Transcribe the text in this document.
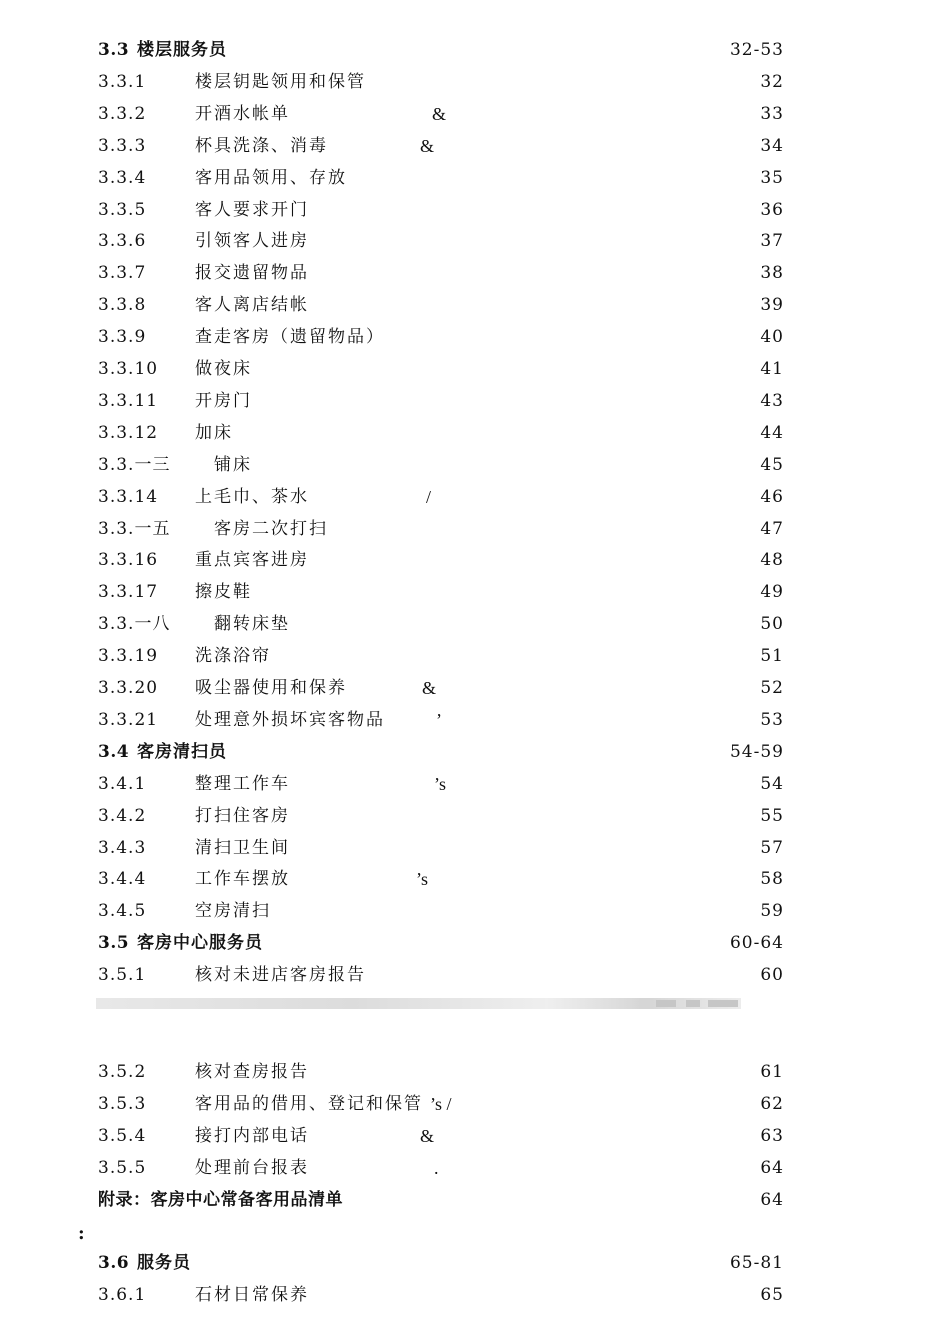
3.3 楼层服务员	32-53
3.3.1	楼层钥匙领用和保管	32
3.3.2	开酒水帐单	&	33
3.3.3	杯具洗涤、消毒	&	34
3.3.4	客用品领用、存放	35
3.3.5	客人要求开门	36
3.3.6	引领客人进房	37
3.3.7	报交遗留物品	38
3.3.8	客人离店结帐	39
3.3.9	查走客房（遗留物品）	40
3.3.10 做夜床	41
3.3.11 开房门	43
3.3.12 加床	44
3.3.一三	铺床	45
3.3.14 上毛巾、茶水	/	46
3.3.一五	客房二次打扫	47
3.3.16 重点宾客进房	48
3.3.17 擦皮鞋	49
3.3.一八	翻转床垫	50
3.3.19 洗涤浴帘	51
3.3.20 吸尘器使用和保养	&	52
3.3.21 处理意外损坏宾客物品	’	53
3.4 客房清扫员	54-59
3.4.1	整理工作车	’s	54
3.4.2	打扫住客房	55
3.4.3	清扫卫生间	57
3.4.4	工作车摆放	’s	58
3.4.5	空房清扫	59
3.5 客房中心服务员	60-64
3.5.1	核对未进店客房报告	60
3.5.2	核对查房报告	61
3.5.3	客用品的借用、登记和保管 ’s /	62
3.5.4	接打内部电话	&	63
3.5.5	处理前台报表	.	64
附录：客房中心常备客用品清单	64
3.6 服务员	65-81
3.6.1	石材日常保养	65
:
